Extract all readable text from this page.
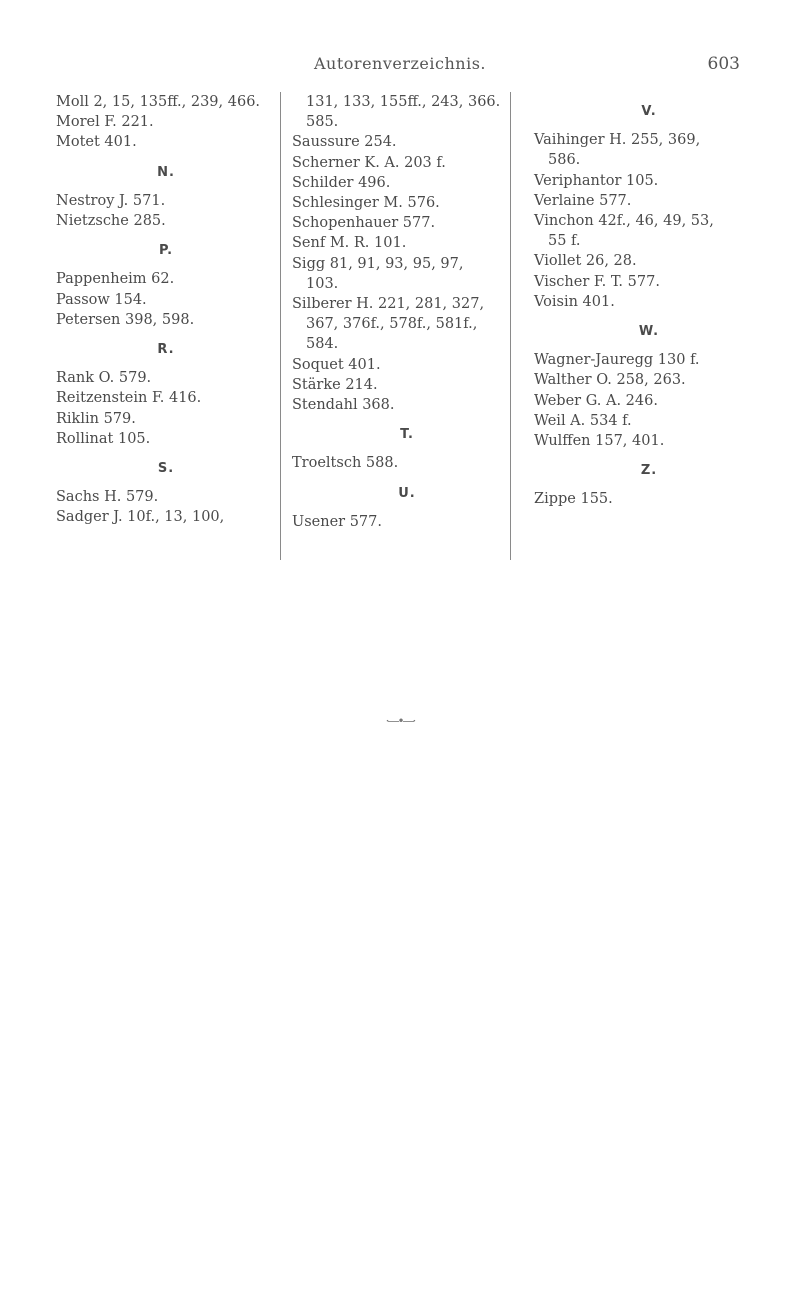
Autorenverzeichnis.	603
Moll 2, 15, 135ff., 239, 466.
Morel F. 221.
Motet 401.
N.
Nestroy J. 571.
Nietzsche 285.
P.
Pappenheim 62.
Passow 154.
Petersen 398, 598.
R.
Rank O. 579.
Reitzenstein F. 416.
Riklin 579.
Rollinat 105.
S.
Sachs H. 579.
Sadger J. 10f., 13, 100,
131, 133, 155ff., 243, 366.
585.
Saussure 254.
Scherner K. A. 203 f.
Schilder 496.
Schlesinger M. 576.
Schopenhauer 577.
Senf M. R. 101.
Sigg 81, 91, 93, 95, 97,
103.
Silberer H. 221, 281, 327,
367, 376f., 578f., 581f.,
584.
Soquet 401.
Stärke 214.
Stendahl 368.
T.
Troeltsch 588.
U.
Usener 577.
V.
Vaihinger H. 255, 369,
586.
Veriphantor 105.
Verlaine 577.
Vinchon 42f., 46, 49, 53,
55 f.
Viollet 26, 28.
Vischer F. T. 577.
Voisin 401.
W.
Wagner-Jauregg 130 f.
Walther O. 258, 263.
Weber G. A. 246.
Weil A. 534 f.
Wulffen 157, 401.
Z.
Zippe 155.
·—•—·
